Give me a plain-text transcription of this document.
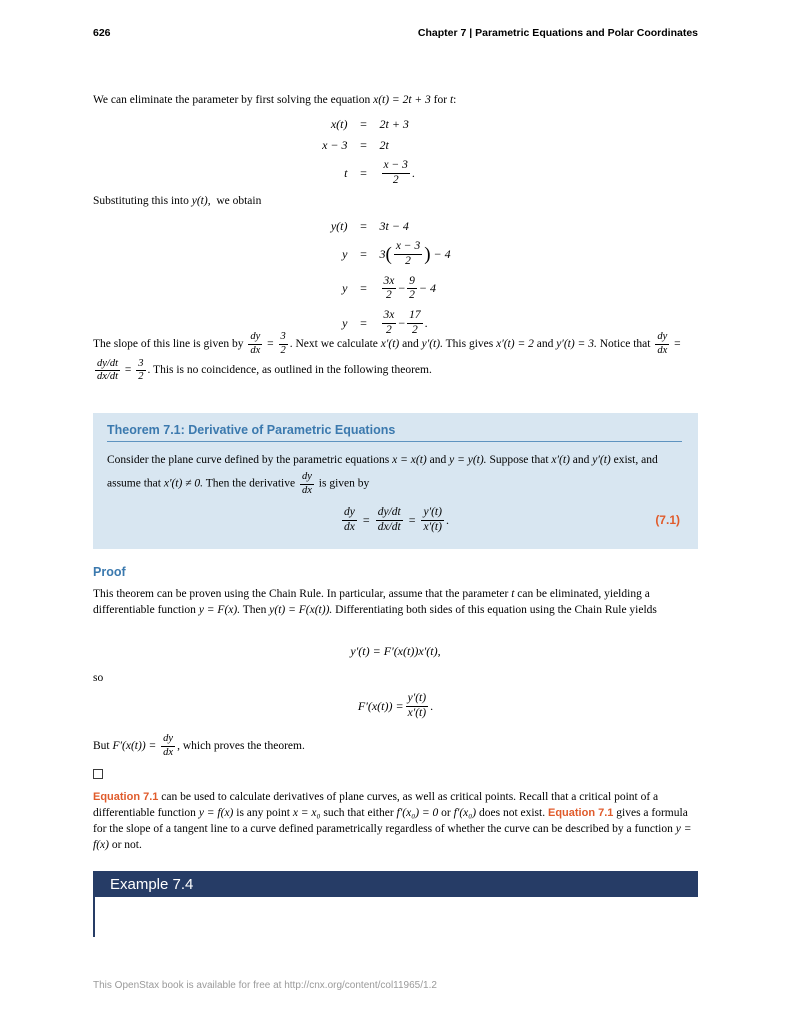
626	Chapter 7 | Parametric Equations and Polar Coordinates

We can eliminate the parameter by first solving the equation x(t) = 2t + 3 for t:

x(t)	=	2t + 3
x − 3	=	2t
t	=
x − 3
2	.

Substituting this into y(t), we obtain

y(t)	=	3t − 4
y	=	3 ( x − 3
2 )
− 4
y	=
3x
$2 - \frac{9}{2} - 4$
y	=
3x
$2 - \frac{17}{2}$ .

The slope of this line is given by $\frac{dy}{dx} = \frac{3}{2}$ . Next we calculate x′(t) and y′(t). This gives x′(t) = 2 and y′(t) = 3. Notice that $\frac{dy}{dx}$ =
$\frac{dy/dt}{dx/dt} = \frac{3}{2}$ . This is no coincidence, as outlined in the following theorem.

Theorem 7.1: Derivative of Parametric Equations

Consider the plane curve defined by the parametric equations x = x(t) and y = y(t). Suppose that x′(t) and y′(t) exist, and assume that x′(t) ≠ 0. Then the derivative $\frac{dy}{dx}$ is given by

$\frac{dy}{dx} = \frac{dy/dt}{dx/dt} = \frac{y'(t)}{x'(t)}$ .	(7.1)
Proof

This theorem can be proven using the Chain Rule. In particular, assume that the parameter t can be eliminated, yielding a differentiable function y = F(x). Then y(t) = F(x(t)). Differentiating both sides of this equation using the Chain Rule yields

y′(t) = F′(x(t))x′(t),

so

$F'(x(t)) = \frac{y'(t)}{x'(t)}$ .

But $F'(x(t)) = \frac{dy}{dx}$ , which proves the theorem.

Equation 7.1 can be used to calculate derivatives of plane curves, as well as critical points. Recall that a critical point of a differentiable function y = f(x) is any point x = x₀ such that either f′(x₀) = 0 or f′(x₀) does not exist. Equation 7.1 gives a formula for the slope of a tangent line to a curve defined parametrically regardless of whether the curve can be described by a function y = f(x) or not.

Example 7.4
This OpenStax book is available for free at http://cnx.org/content/col11965/1.2
